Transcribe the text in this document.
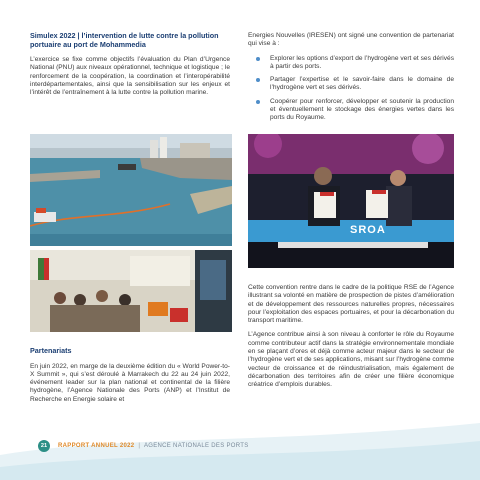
Simulex 2022 | l’intervention de lutte contre la pollution portuaire au port de Mohammedia

L’exercice se fixe comme objectifs l’évaluation du Plan d’Urgence National (PNU) aux niveaux opérationnel, technique et logistique ; le renforcement de la coopération, la coordination et l’interopérabilité interdépartementales, ainsi que la sensibilisation sur les enjeux et l’intérêt de l’entraînement à la lutte contre la pollution marine.

Energies Nouvelles (IRESEN) ont signé une convention de partenariat qui vise à :

Explorer les options d’export de l’hydrogène vert et ses dérivés à partir des ports.
Partager l’expertise et le savoir-faire dans le domaine de l’hydrogène vert et ses dérivés.
Coopérer pour renforcer, développer et soutenir la production et éventuellement le stockage des énergies vertes dans les ports du Royaume.
SROA
Partenariats

En juin 2022, en marge de la deuxième édition du « World Power-to-X Summit », qui s’est déroulé à Marrakech du 22 au 24 juin 2022, événement leader sur la plan national et continental de la filière hydrogène, l’Agence Nationale des Ports (ANP) et l’Institut de Recherche en Energie solaire et

Cette convention rentre dans le cadre de la politique RSE de l’Agence illustrant sa volonté en matière de prospection de pistes d’amélioration et de développement des ressources naturelles propres, nécessaires pour l’exploitation des espaces portuaires, et pour la décarbonation du transport maritime.

L’Agence contribue ainsi à son niveau à conforter le rôle du Royaume comme contributeur actif dans la stratégie environnementale mondiale en se plaçant d’ores et déjà comme acteur majeur dans le secteur de l’hydrogène vert et de ses applications, misant sur l’hydrogène comme vecteur de croissance et de réindustrialisation, mais également de décarbonation des territoires afin de créer une filière économique créatrice d’emplois durables.

21	RAPPORT ANNUEL 2022 | AGENCE NATIONALE DES PORTS
